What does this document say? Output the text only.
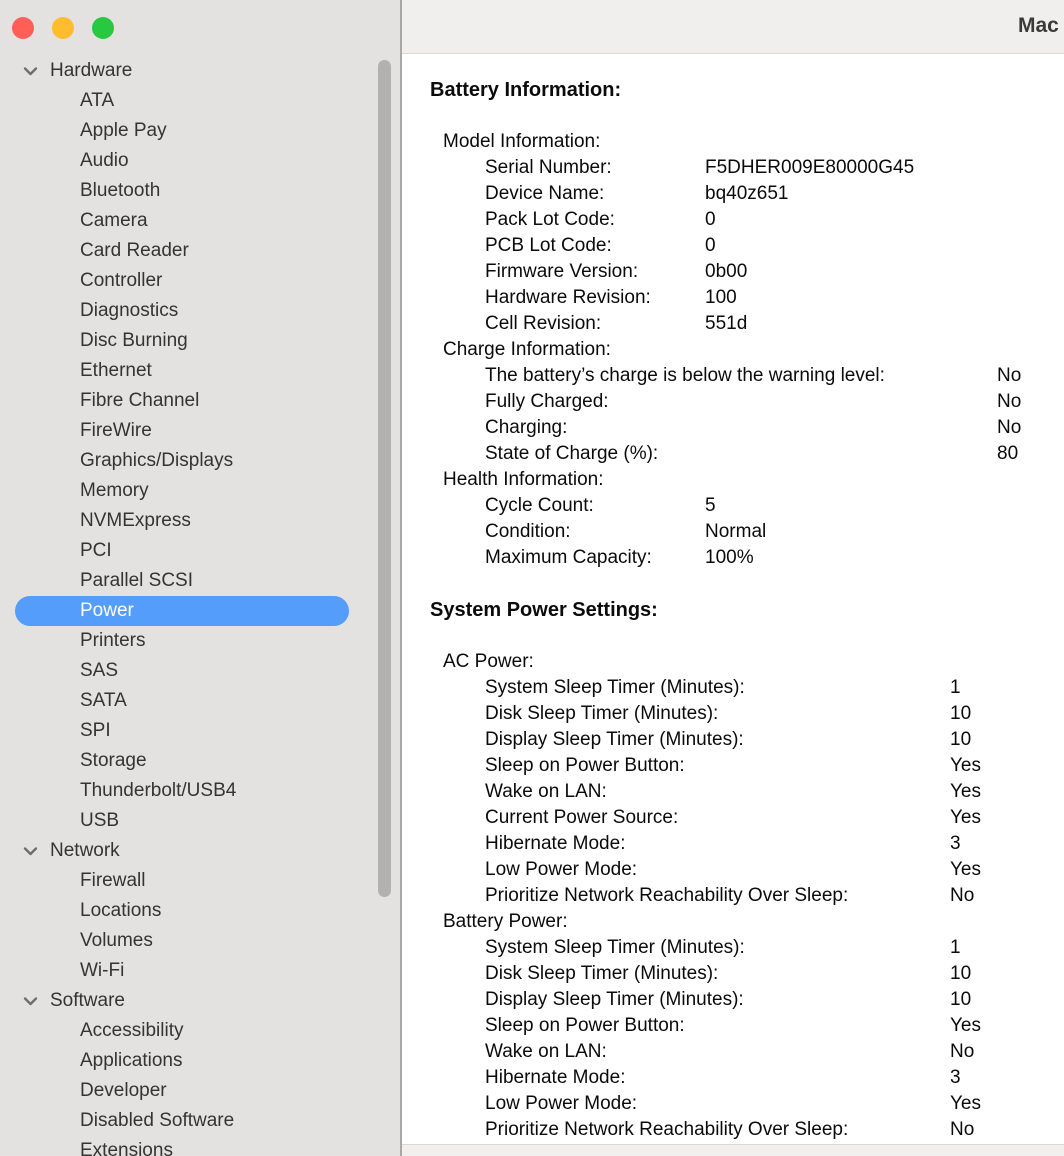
Hardware
ATA
Apple Pay
Audio
Bluetooth
Camera
Card Reader
Controller
Diagnostics
Disc Burning
Ethernet
Fibre Channel
FireWire
Graphics/Displays
Memory
NVMExpress
PCI
Parallel SCSI
Power
Printers
SAS
SATA
SPI
Storage
Thunderbolt/USB4
USB
Network
Firewall
Locations
Volumes
Wi-Fi
Software
Accessibility
Applications
Developer
Disabled Software
Extensions
Mac
Battery Information:
Model Information:
Serial Number:	F5DHER009E80000G45
Device Name:	bq40z651
Pack Lot Code:	0
PCB Lot Code:	0
Firmware Version:	0b00
Hardware Revision:	100
Cell Revision:	551d
Charge Information:
The battery’s charge is below the warning level:	No
Fully Charged:	No
Charging:	No
State of Charge (%):	80
Health Information:
Cycle Count:	5
Condition:	Normal
Maximum Capacity:	100%
System Power Settings:
AC Power:
System Sleep Timer (Minutes):	1
Disk Sleep Timer (Minutes):	10
Display Sleep Timer (Minutes):	10
Sleep on Power Button:	Yes
Wake on LAN:	Yes
Current Power Source:	Yes
Hibernate Mode:	3
Low Power Mode:	Yes
Prioritize Network Reachability Over Sleep:	No
Battery Power:
System Sleep Timer (Minutes):	1
Disk Sleep Timer (Minutes):	10
Display Sleep Timer (Minutes):	10
Sleep on Power Button:	Yes
Wake on LAN:	No
Hibernate Mode:	3
Low Power Mode:	Yes
Prioritize Network Reachability Over Sleep:	No
